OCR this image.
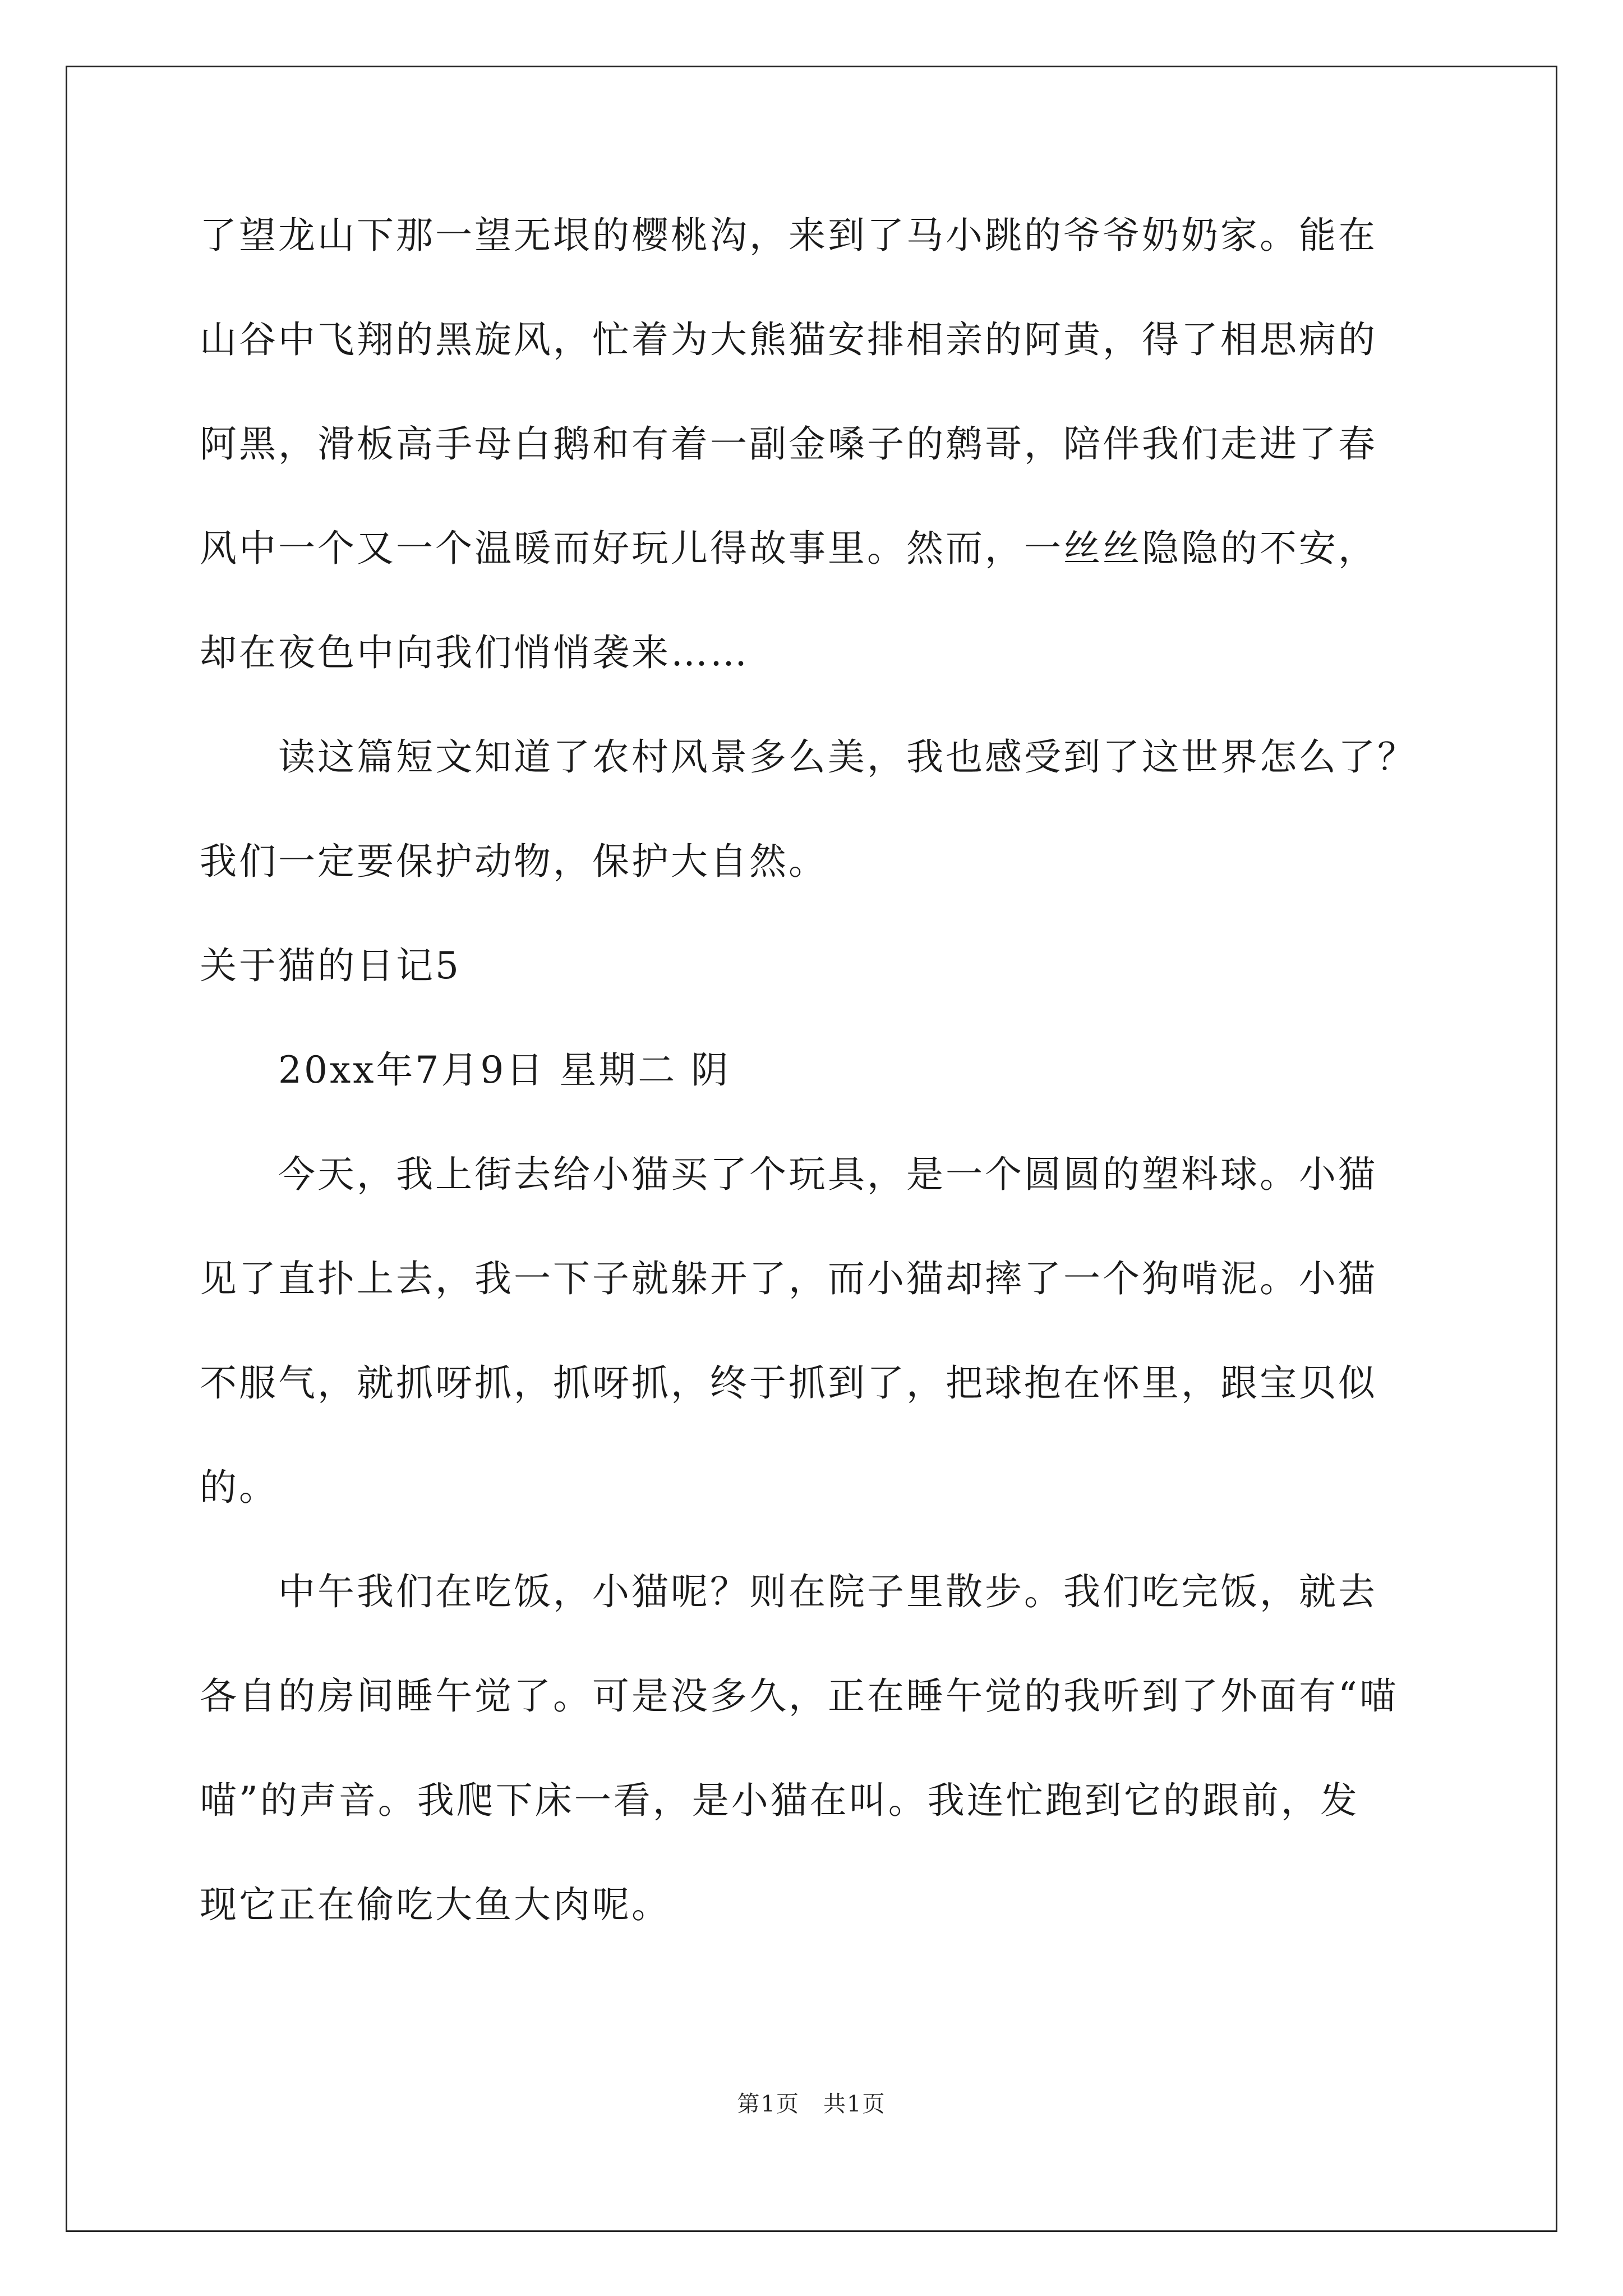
了望龙山下那一望无垠的樱桃沟，来到了马小跳的爷爷奶奶家。能在
山谷中飞翔的黑旋风，忙着为大熊猫安排相亲的阿黄，得了相思病的
阿黑，滑板高手母白鹅和有着一副金嗓子的鹩哥，陪伴我们走进了春
风中一个又一个温暖而好玩儿得故事里。然而，一丝丝隐隐的不安，
却在夜色中向我们悄悄袭来……
读这篇短文知道了农村风景多么美，我也感受到了这世界怎么了？
我们一定要保护动物，保护大自然。
关于猫的日记5
20xx年7月9日 星期二 阴
今天，我上街去给小猫买了个玩具，是一个圆圆的塑料球。小猫
见了直扑上去，我一下子就躲开了，而小猫却摔了一个狗啃泥。小猫
不服气，就抓呀抓，抓呀抓，终于抓到了，把球抱在怀里，跟宝贝似
的。
中午我们在吃饭，小猫呢？则在院子里散步。我们吃完饭，就去
各自的房间睡午觉了。可是没多久，正在睡午觉的我听到了外面有“喵
喵”的声音。我爬下床一看，是小猫在叫。我连忙跑到它的跟前，发
现它正在偷吃大鱼大肉呢。
第1页　共1页
